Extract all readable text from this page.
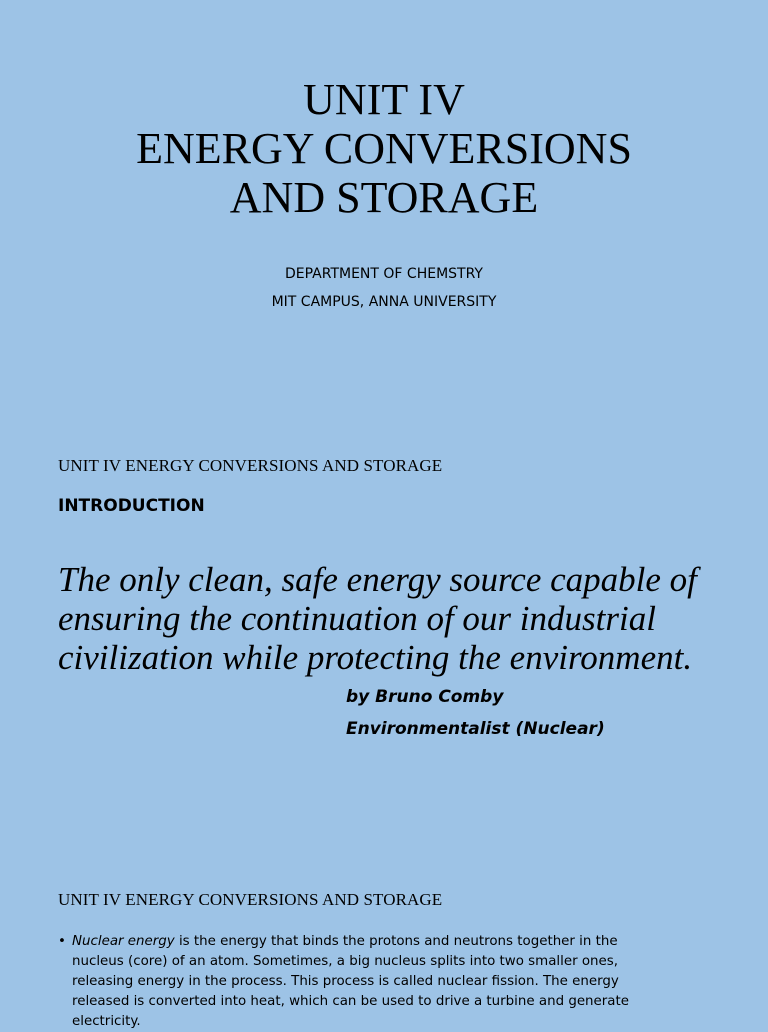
UNIT IV
ENERGY CONVERSIONS
AND STORAGE
DEPARTMENT OF CHEMSTRY
MIT CAMPUS, ANNA UNIVERSITY
UNIT IV ENERGY CONVERSIONS AND STORAGE
INTRODUCTION
The only clean, safe energy source capable of
ensuring the continuation of our industrial
civilization while protecting the environment.
by Bruno Comby
Environmentalist (Nuclear)
UNIT IV ENERGY CONVERSIONS AND STORAGE
• Nuclear energy is the energy that binds the protons and neutrons together in the
nucleus (core) of an atom. Sometimes, a big nucleus splits into two smaller ones,
releasing energy in the process. This process is called nuclear fission. The energy
released is converted into heat, which can be used to drive a turbine and generate
electricity.
